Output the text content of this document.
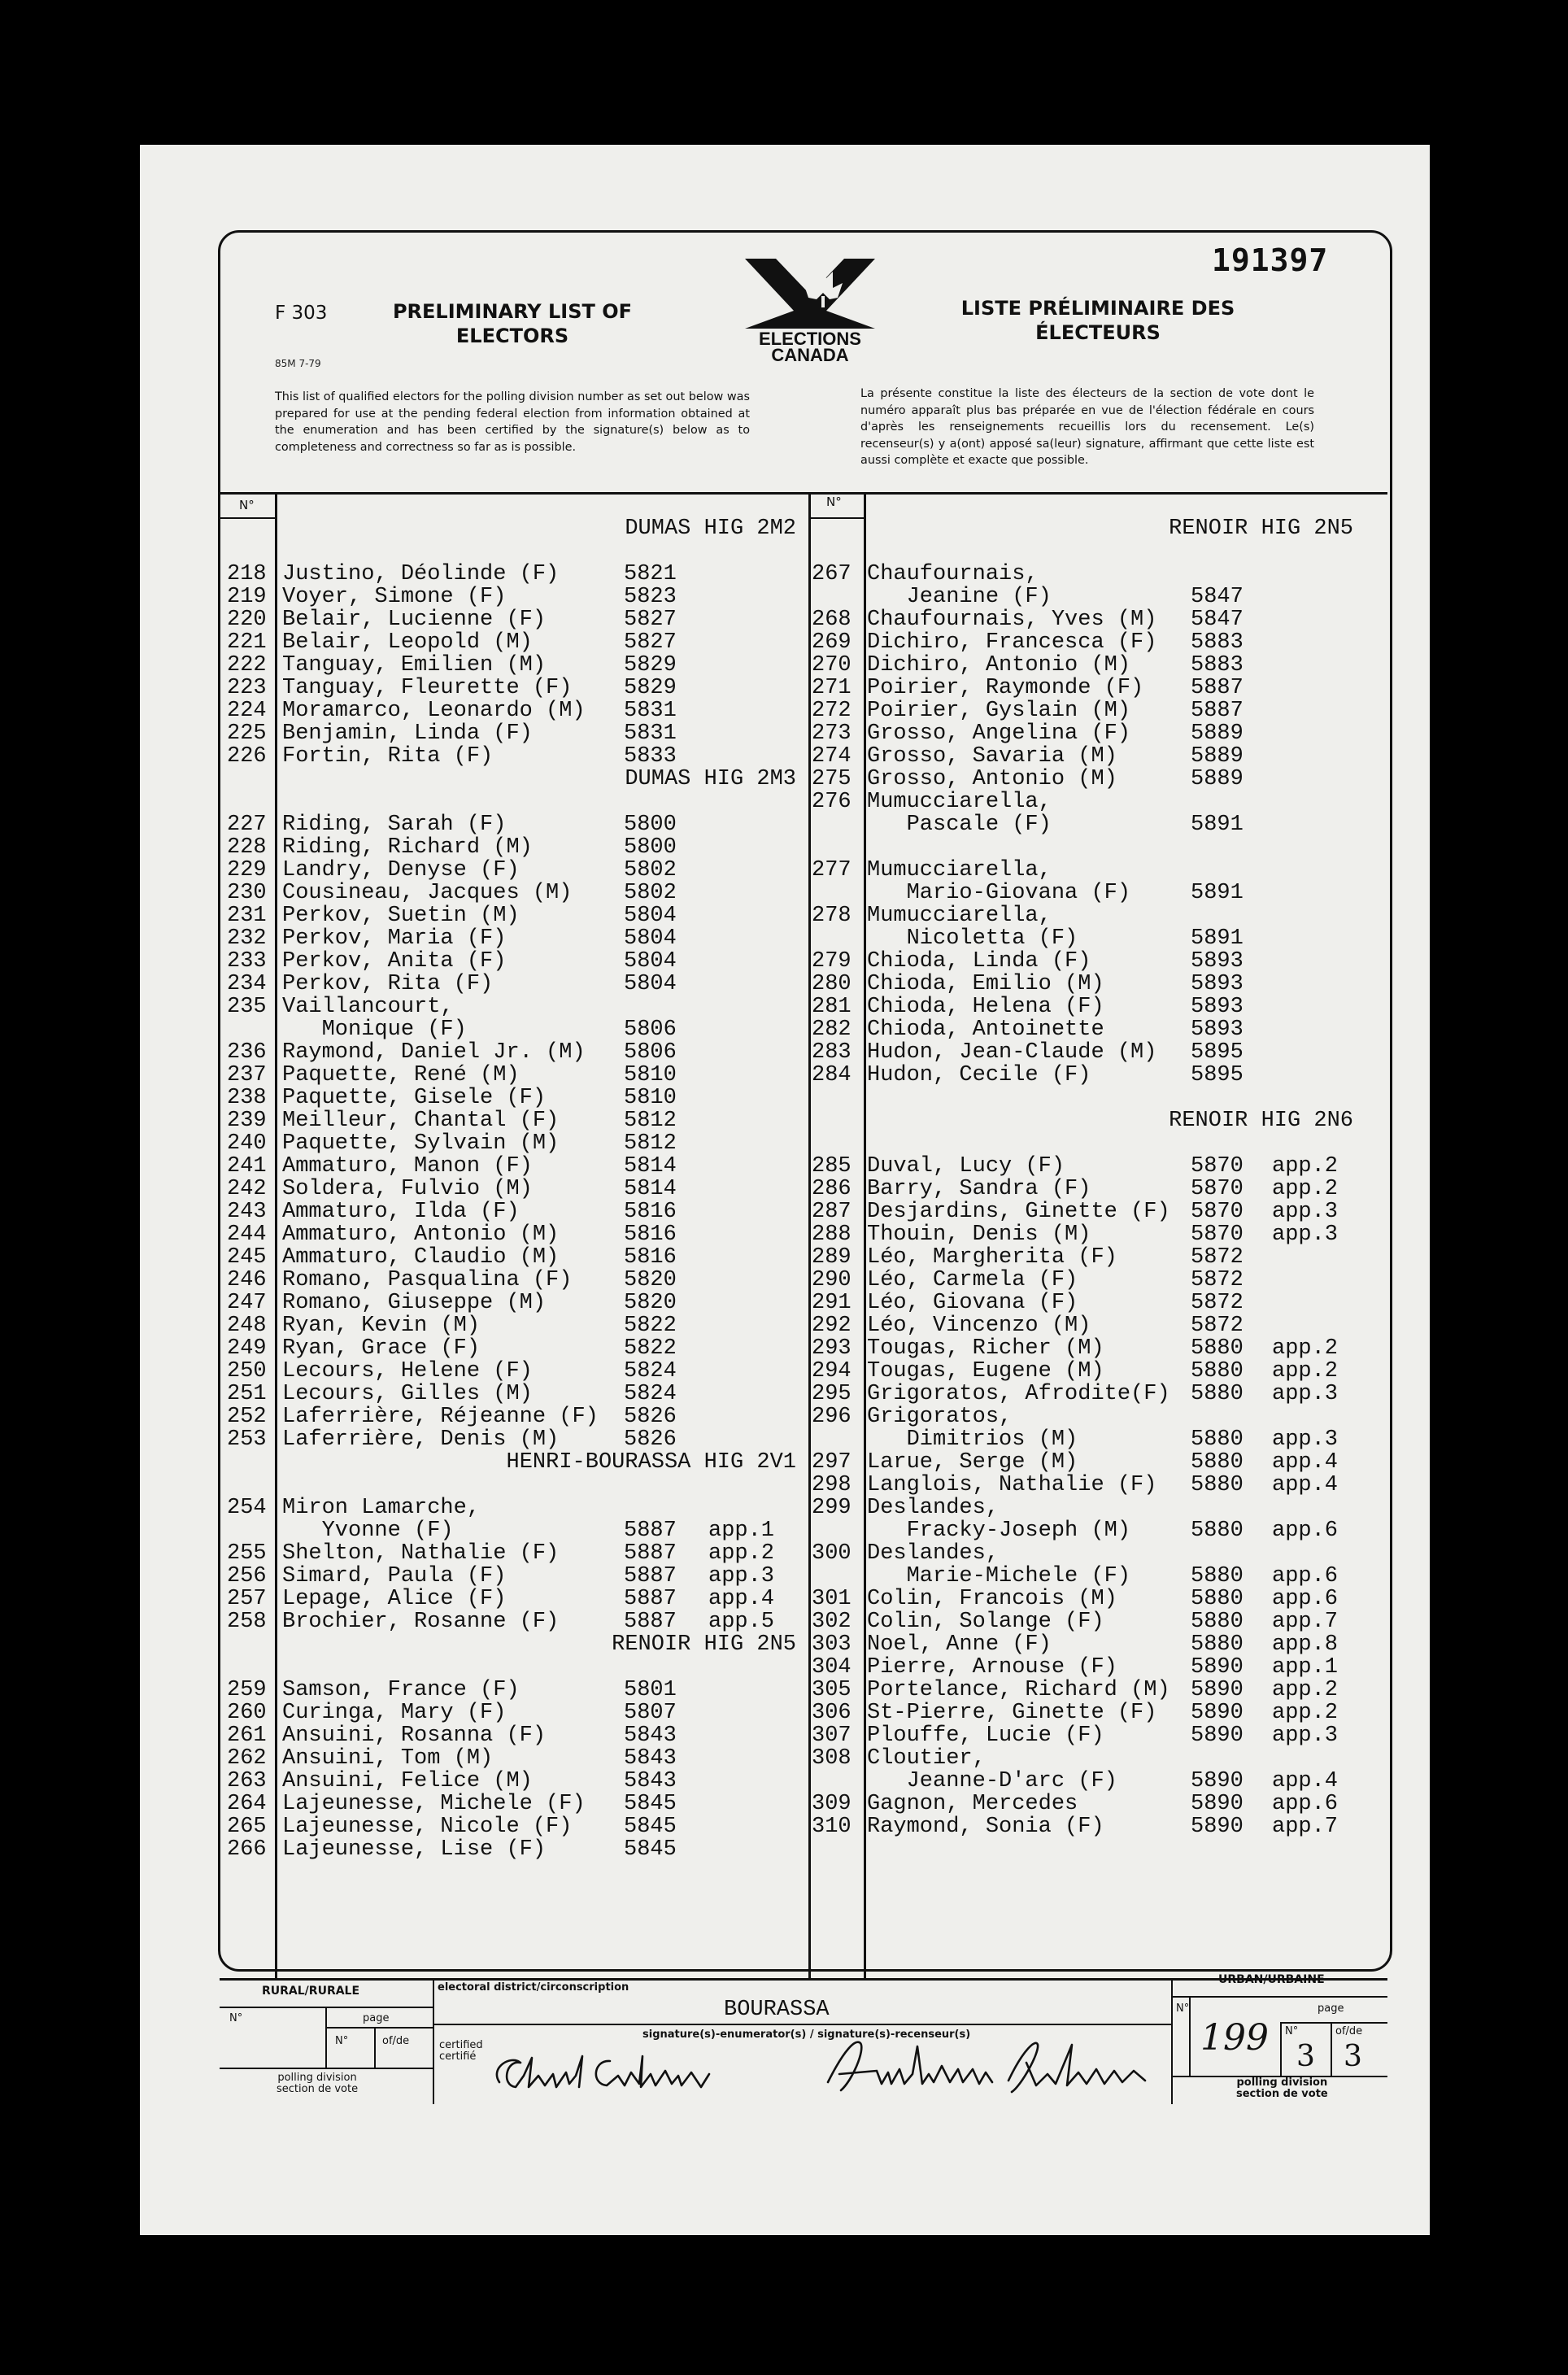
191397
F 303
85M 7-79
PRELIMINARY LIST OF
ELECTORS
LISTE PRÉLIMINAIRE DES
ÉLECTEURS
ELECTIONS
CANADA
This list of qualified electors for the polling division number as set out below was prepared for use at the pending federal election from information obtained at the enumeration and has been certified by the signature(s) below as to completeness and correctness so far as is possible.
La présente constitue la liste des électeurs de la section de vote dont le numéro apparaît plus bas préparée en vue de l'élection fédérale en cours d'après les renseignements recueillis lors du recensement. Le(s) recenseur(s) y a(ont) apposé sa(leur) signature, affirmant que cette liste est aussi complète et exacte que possible.
N°	N°
DUMAS HIG 2M2
218 Justino, Déolinde (F)	5821
219 Voyer, Simone (F)	5823
220 Belair, Lucienne (F)	5827
221 Belair, Leopold (M)	5827
222 Tanguay, Emilien (M)	5829
223 Tanguay, Fleurette (F) 5829
224 Moramarco, Leonardo (M) 5831
225 Benjamin, Linda (F)	5831
226 Fortin, Rita (F)	5833
DUMAS HIG 2M3
227 Riding, Sarah (F)	5800
228 Riding, Richard (M)	5800
229 Landry, Denyse (F)	5802
230 Cousineau, Jacques (M) 5802
231 Perkov, Suetin (M)	5804
232 Perkov, Maria (F)	5804
233 Perkov, Anita (F)	5804
234 Perkov, Rita (F)	5804
235 Vaillancourt,
Monique (F)	5806
236 Raymond, Daniel Jr. (M) 5806
237 Paquette, René (M)	5810
238 Paquette, Gisele (F)	5810
239 Meilleur, Chantal (F)	5812
240 Paquette, Sylvain (M)	5812
241 Ammaturo, Manon (F)	5814
242 Soldera, Fulvio (M)	5814
243 Ammaturo, Ilda (F)	5816
244 Ammaturo, Antonio (M)	5816
245 Ammaturo, Claudio (M)	5816
246 Romano, Pasqualina (F) 5820
247 Romano, Giuseppe (M)	5820
248 Ryan, Kevin (M)	5822
249 Ryan, Grace (F)	5822
250 Lecours, Helene (F)	5824
251 Lecours, Gilles (M)	5824
252 Laferrière, Réjeanne (F) 5826
253 Laferrière, Denis (M)	5826
HENRI-BOURASSA HIG 2V1
254 Miron Lamarche,
Yvonne (F)	5887 app.1
255 Shelton, Nathalie (F)	5887 app.2
256 Simard, Paula (F)	5887 app.3
257 Lepage, Alice (F)	5887 app.4
258 Brochier, Rosanne (F)	5887 app.5
RENOIR HIG 2N5
259 Samson, France (F)	5801
260 Curinga, Mary (F)	5807
261 Ansuini, Rosanna (F)	5843
262 Ansuini, Tom (M)	5843
263 Ansuini, Felice (M)	5843
264 Lajeunesse, Michele (F) 5845
265 Lajeunesse, Nicole (F) 5845
266 Lajeunesse, Lise (F)	5845
RENOIR HIG 2N5
267 Chaufournais,
Jeanine (F)	5847
268 Chaufournais, Yves (M) 5847
269 Dichiro, Francesca (F) 5883
270 Dichiro, Antonio (M)	5883
271 Poirier, Raymonde (F) 5887
272 Poirier, Gyslain (M)	5887
273 Grosso, Angelina (F)	5889
274 Grosso, Savaria (M)	5889
275 Grosso, Antonio (M)	5889
276 Mumucciarella,
Pascale (F)	5891
277 Mumucciarella,
Mario-Giovana (F)	5891
278 Mumucciarella,
Nicoletta (F)	5891
279 Chioda, Linda (F)	5893
280 Chioda, Emilio (M)	5893
281 Chioda, Helena (F)	5893
282 Chioda, Antoinette	5893
283 Hudon, Jean-Claude (M) 5895
284 Hudon, Cecile (F)	5895
RENOIR HIG 2N6
285 Duval, Lucy (F)	5870 app.2
286 Barry, Sandra (F)	5870 app.2
287 Desjardins, Ginette (F) 5870 app.3
288 Thouin, Denis (M)	5870 app.3
289 Léo, Margherita (F)	5872
290 Léo, Carmela (F)	5872
291 Léo, Giovana (F)	5872
292 Léo, Vincenzo (M)	5872
293 Tougas, Richer (M)	5880 app.2
294 Tougas, Eugene (M)	5880 app.2
295 Grigoratos, Afrodite(F) 5880 app.3
296 Grigoratos,
Dimitrios (M)	5880 app.3
297 Larue, Serge (M)	5880 app.4
298 Langlois, Nathalie (F) 5880 app.4
299 Deslandes,
Fracky-Joseph (M)	5880 app.6
300 Deslandes,
Marie-Michele (F)	5880 app.6
301 Colin, Francois (M)	5880 app.6
302 Colin, Solange (F)	5880 app.7
303 Noel, Anne (F)	5880 app.8
304 Pierre, Arnouse (F)	5890 app.1
305 Portelance, Richard (M) 5890 app.2
306 St-Pierre, Ginette (F) 5890 app.2
307 Plouffe, Lucie (F)	5890 app.3
308 Cloutier,
Jeanne-D'arc (F)	5890 app.4
309 Gagnon, Mercedes	5890 app.6
310 Raymond, Sonia (F)	5890 app.7
RURAL/RURALE
N°	page
N°	of/de
polling division
section de vote
electoral district/circonscription
BOURASSA
certified
certifié
signature(s)-enumerator(s) / signature(s)-recenseur(s)
URBAN/URBAINE
N°	page
N°	of/de
199 3 3
polling division
section de vote
